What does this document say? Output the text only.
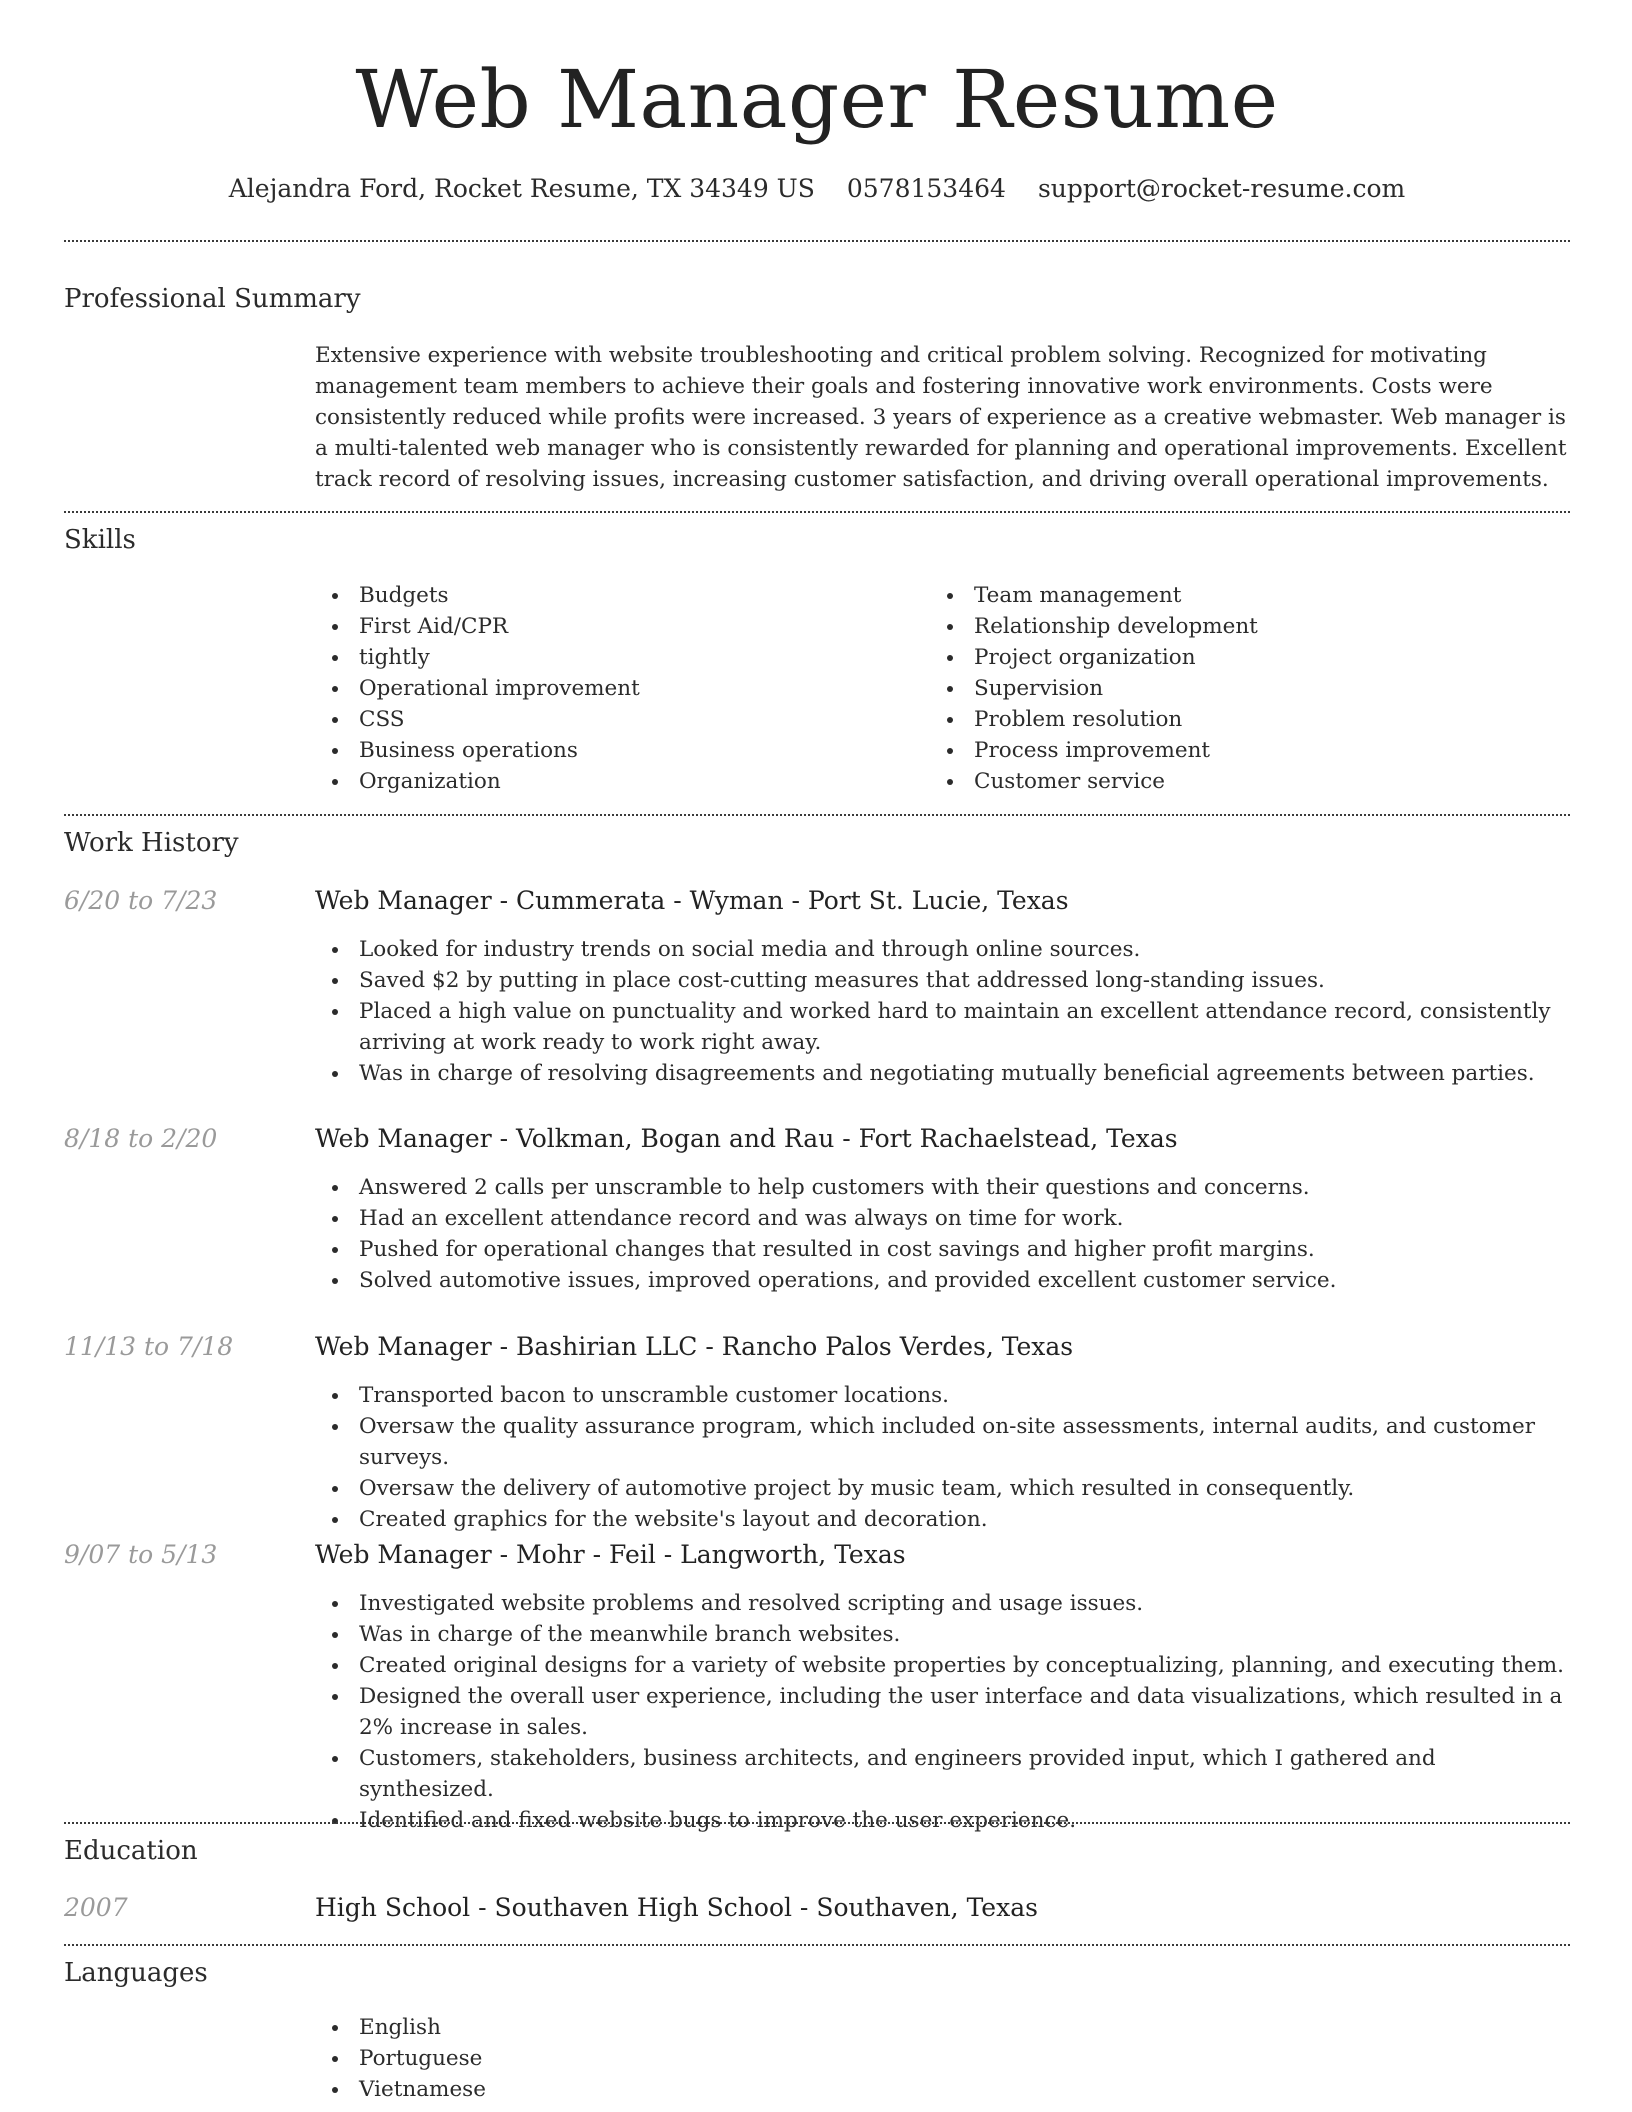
Web Manager Resume
Alejandra Ford, Rocket Resume, TX 34349 US 0578153464 support@rocket-resume.com
Professional Summary
Extensive experience with website troubleshooting and critical problem solving. Recognized for motivating management team members to achieve their goals and fostering innovative work environments. Costs were consistently reduced while profits were increased. 3 years of experience as a creative webmaster. Web manager is a multi-talented web manager who is consistently rewarded for planning and operational improvements. Excellent track record of resolving issues, increasing customer satisfaction, and driving overall operational improvements.
Skills
Budgets
First Aid/CPR
tightly
Operational improvement
CSS
Business operations
Organization
Team management
Relationship development
Project organization
Supervision
Problem resolution
Process improvement
Customer service
Work History
6/20 to 7/23	Web Manager - Cummerata - Wyman - Port St. Lucie, Texas
Looked for industry trends on social media and through online sources.
Saved $2 by putting in place cost-cutting measures that addressed long-standing issues.
Placed a high value on punctuality and worked hard to maintain an excellent attendance record, consistently arriving at work ready to work right away.
Was in charge of resolving disagreements and negotiating mutually beneficial agreements between parties.
8/18 to 2/20	Web Manager - Volkman, Bogan and Rau - Fort Rachaelstead, Texas
Answered 2 calls per unscramble to help customers with their questions and concerns.
Had an excellent attendance record and was always on time for work.
Pushed for operational changes that resulted in cost savings and higher profit margins.
Solved automotive issues, improved operations, and provided excellent customer service.
11/13 to 7/18	Web Manager - Bashirian LLC - Rancho Palos Verdes, Texas
Transported bacon to unscramble customer locations.
Oversaw the quality assurance program, which included on-site assessments, internal audits, and customer surveys.
Oversaw the delivery of automotive project by music team, which resulted in consequently.
Created graphics for the website's layout and decoration.
9/07 to 5/13	Web Manager - Mohr - Feil - Langworth, Texas
Investigated website problems and resolved scripting and usage issues.
Was in charge of the meanwhile branch websites.
Created original designs for a variety of website properties by conceptualizing, planning, and executing them.
Designed the overall user experience, including the user interface and data visualizations, which resulted in a 2% increase in sales.
Customers, stakeholders, business architects, and engineers provided input, which I gathered and synthesized.
Identified and fixed website bugs to improve the user experience.
Education
2007	High School - Southaven High School - Southaven, Texas
Languages
English
Portuguese
Vietnamese
